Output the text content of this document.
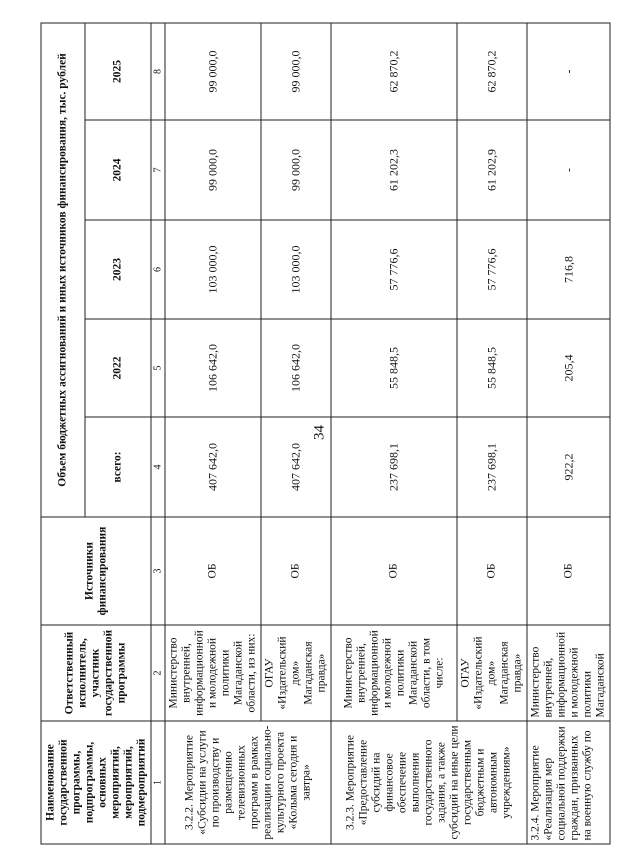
34
Наименование государственной программы, подпрограммы, основных мероприятий, мероприятий, подмероприятий	Ответственный исполнитель, участник государственной программы	Источники финансирования	Объем бюджетных ассигнований и иных источников финансирования, тыс. рублей				
			всего:	2022	2023	2024	2025
1	2	3	4	5	6	7	8
3.2.2. Мероприятие «Субсидии на услуги по производству и размещению телевизионных программ в рамках реализации социально-культурного проекта «Колыма сегодня и завтра»	Министерство внутренней, информационной и молодежной политики Магаданской области, из них:	ОБ	407 642,0	106 642,0	103 000,0	99 000,0	99 000,0
	ОГАУ «Издательский дом» Магаданская правда»	ОБ	407 642,0	106 642,0	103 000,0	99 000,0	99 000,0
3.2.3. Мероприятие «Предоставление субсидий на финансовое обеспечение выполнения государственного задания, а также субсидий на иные цели государственным бюджетным и автономным учреждениям»	Министерство внутренней, информационной и молодежной политики Магаданской области, в том числе:	ОБ	237 698,1	55 848,5	57 776,6	61 202,3	62 870,2
	ОГАУ «Издательский дом» Магаданская правда»	ОБ	237 698,1	55 848,5	57 776,6	61 202,9	62 870,2
3.2.4. Мероприятие «Реализация мер социальной поддержки граждан, призванных на военную службу по	Министерство внутренней, информационной и молодежной политики Магаданской	ОБ	922,2	205,4	716,8	-	-
